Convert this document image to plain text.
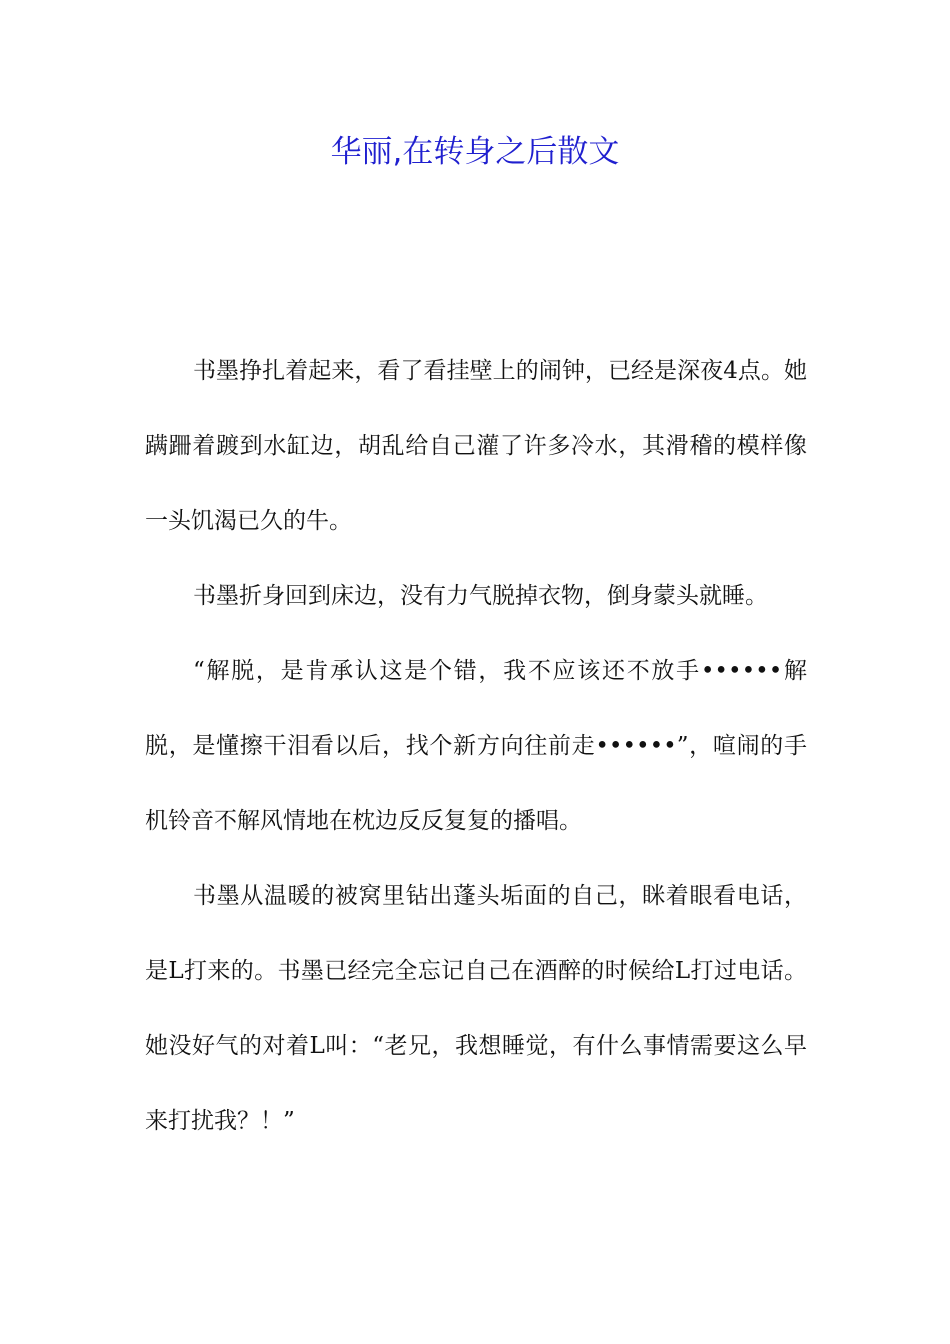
华丽,在转身之后散文

书墨挣扎着起来，看了看挂壁上的闹钟，已经是深夜4点。她蹒跚着踱到水缸边，胡乱给自己灌了许多冷水，其滑稽的模样像一头饥渴已久的牛。

书墨折身回到床边，没有力气脱掉衣物，倒身蒙头就睡。

“解脱，是肯承认这是个错，我不应该还不放手••••••解脱，是懂擦干泪看以后，找个新方向往前走••••••”，喧闹的手机铃音不解风情地在枕边反反复复的播唱。

书墨从温暖的被窝里钻出蓬头垢面的自己，眯着眼看电话，是L打来的。书墨已经完全忘记自己在酒醉的时候给L打过电话。她没好气的对着L叫：“老兄，我想睡觉，有什么事情需要这么早来打扰我？！”
